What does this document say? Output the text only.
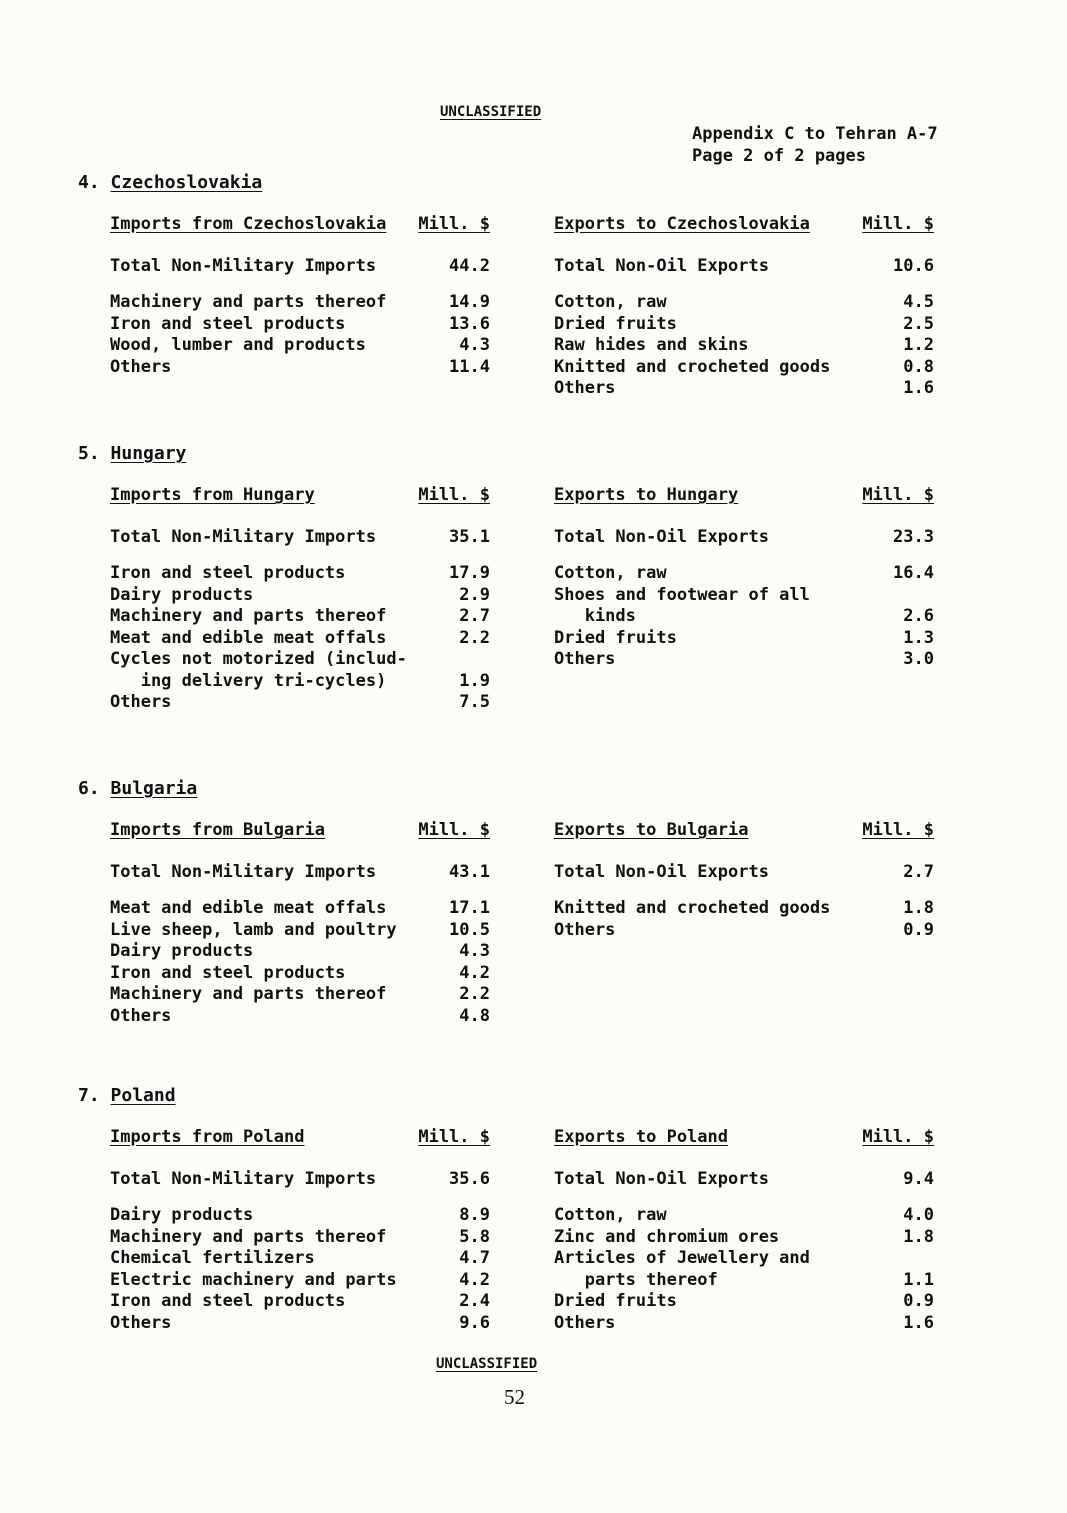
UNCLASSIFIED
Appendix C to Tehran A-7
Page 2 of 2 pages
4. Czechoslovakia
Imports from Czechoslovakia Mill. $
Total Non-Military Imports	44.2
Machinery and parts thereof	14.9
Iron and steel products	13.6
Wood, lumber and products	4.3
Others	11.4
Exports to Czechoslovakia	Mill. $
Total Non-Oil Exports	10.6
Cotton, raw	4.5
Dried fruits	2.5
Raw hides and skins	1.2
Knitted and crocheted goods	0.8
Others	1.6
5. Hungary
Imports from Hungary	Mill. $
Total Non-Military Imports	35.1
Iron and steel products	17.9
Dairy products	2.9
Machinery and parts thereof	2.7
Meat and edible meat offals	2.2
Cycles not motorized (includ-
ing delivery tri-cycles)	1.9
Others	7.5
Exports to Hungary	Mill. $
Total Non-Oil Exports	23.3
Cotton, raw	16.4
Shoes and footwear of all
kinds	2.6
Dried fruits	1.3
Others	3.0
6. Bulgaria
Imports from Bulgaria	Mill. $
Total Non-Military Imports	43.1
Meat and edible meat offals	17.1
Live sheep, lamb and poultry	10.5
Dairy products	4.3
Iron and steel products	4.2
Machinery and parts thereof	2.2
Others	4.8
Exports to Bulgaria	Mill. $
Total Non-Oil Exports	2.7
Knitted and crocheted goods	1.8
Others	0.9
7. Poland
Imports from Poland	Mill. $
Total Non-Military Imports	35.6
Dairy products	8.9
Machinery and parts thereof	5.8
Chemical fertilizers	4.7
Electric machinery and parts	4.2
Iron and steel products	2.4
Others	9.6
Exports to Poland	Mill. $
Total Non-Oil Exports	9.4
Cotton, raw	4.0
Zinc and chromium ores	1.8
Articles of Jewellery and
parts thereof	1.1
Dried fruits	0.9
Others	1.6
UNCLASSIFIED
52
